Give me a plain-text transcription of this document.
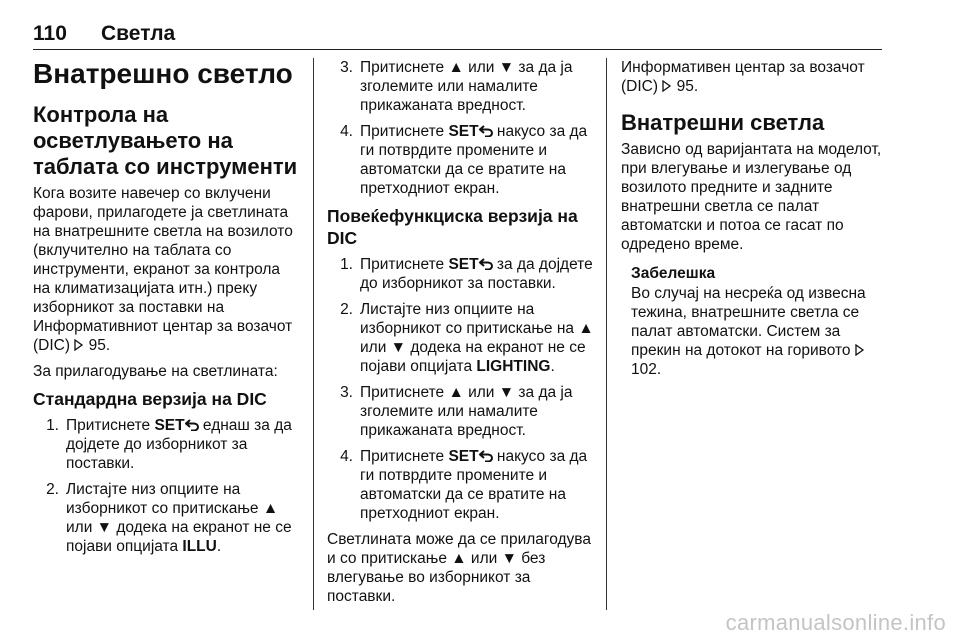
110 Светла
Внатрешно светло
Контрола на осветлувањето на таблата со инструменти

Кога возите навечер со вклучени фарови, прилагодете ја светлината на внатрешните светла на возилото (вклучително на таблата со инструменти, екранот за контрола на климатизацијата итн.) преку изборникот за поставки на Информативниот центар за возачот (DIC) 95.

За прилагодување на светлината:

Стандардна верзија на DIC
1. Притиснете SET еднаш за да дојдете до изборникот за поставки.
2. Листајте низ опциите на изборникот со притискање ▲ или ▼ додека на екранот не се појави опцијата ILLU.
3. Притиснете ▲ или ▼ за да ја зголемите или намалите прикажаната вредност.
4. Притиснете SET накусо за да ги потврдите промените и автоматски да се вратите на претходниот екран.
Повеќефункциска верзија на DIC
1. Притиснете SET за да дојдете до изборникот за поставки.
2. Листајте низ опциите на изборникот со притискање на ▲ или ▼ додека на екранот не се појави опцијата LIGHTING.
3. Притиснете ▲ или ▼ за да ја зголемите или намалите прикажаната вредност.
4. Притиснете SET накусо за да ги потврдите промените и автоматски да се вратите на претходниот екран.

Светлината може да се прилагодува и со притискање ▲ или ▼ без влегување во изборникот за поставки.

Информативен центар за возачот (DIC) 95.

Внатрешни светла

Зависно од варијантата на моделот, при влегување и излегување од возилото предните и задните внатрешни светла се палат автоматски и потоа се гасат по одредено време.

Забелешка
Во случај на несреќа од извесна тежина, внатрешните светла се палат автоматски. Систем за прекин на дотокот на горивото  102.
carmanualsonline.info
